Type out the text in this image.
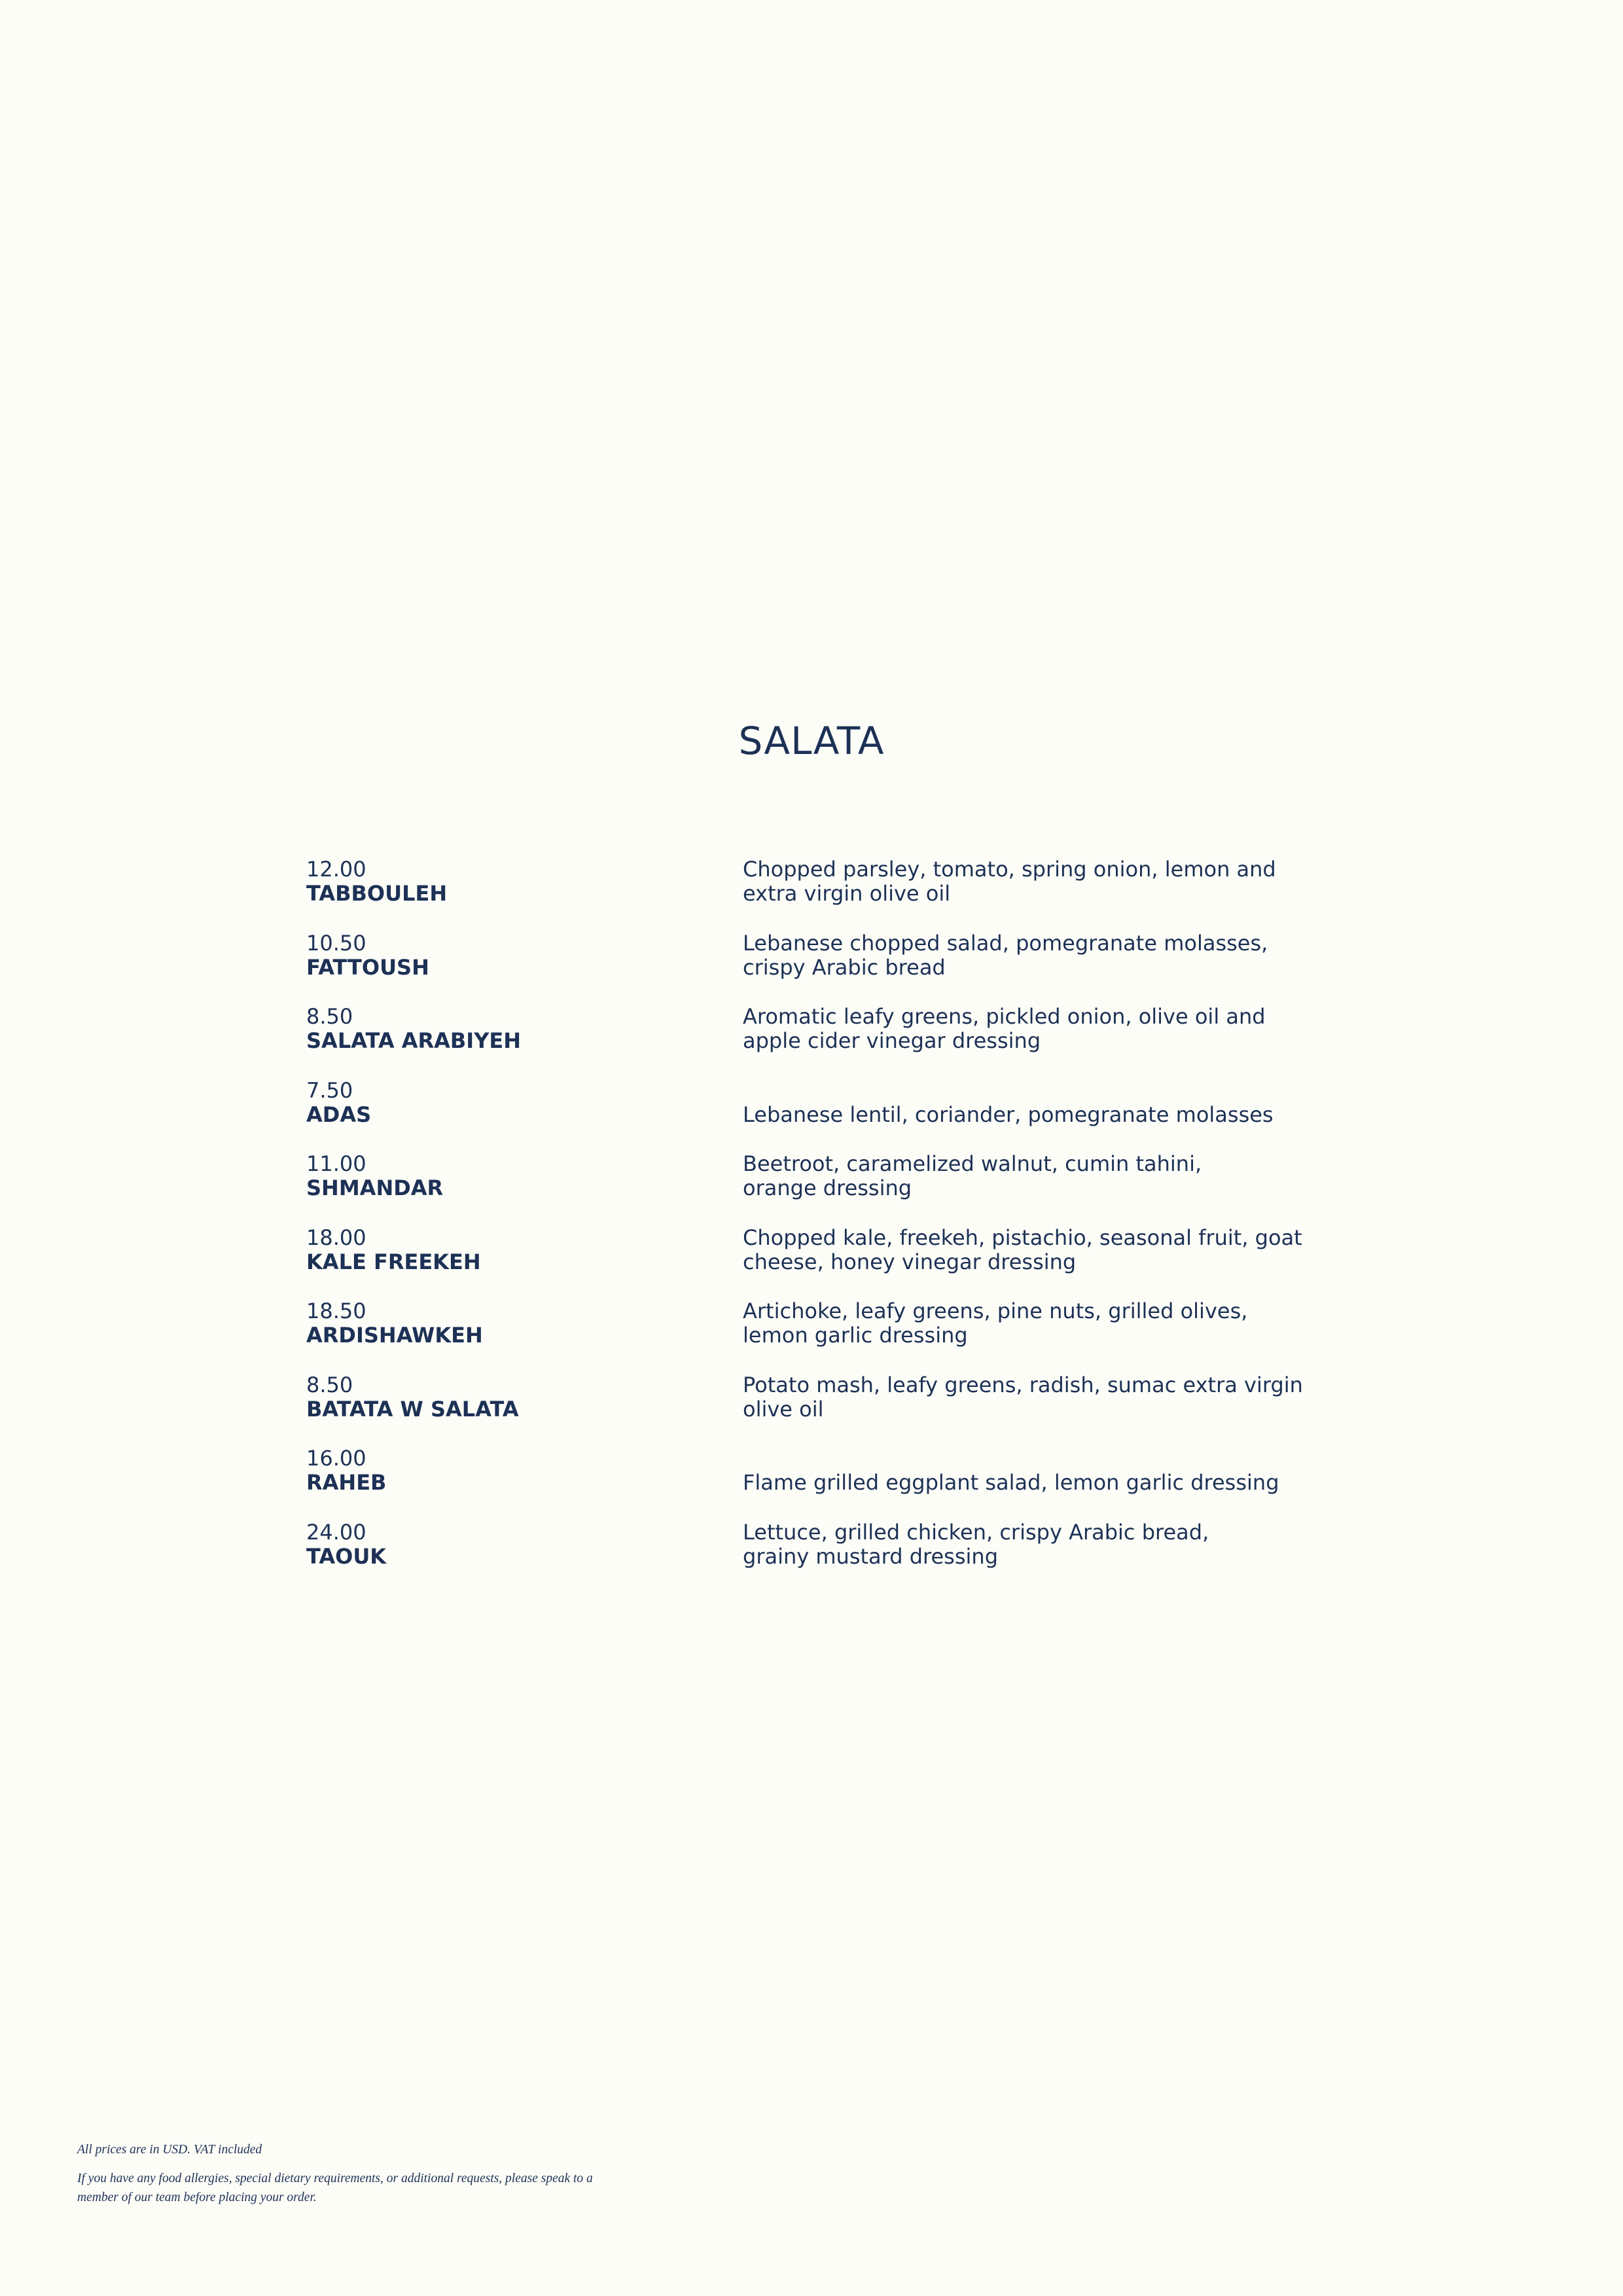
SALATA
12.00
TABBOULEH
Chopped parsley, tomato, spring onion, lemon and
extra virgin olive oil
10.50
FATTOUSH
Lebanese chopped salad, pomegranate molasses,
crispy Arabic bread
8.50
SALATA ARABIYEH
Aromatic leafy greens, pickled onion, olive oil and
apple cider vinegar dressing
7.50
ADAS	Lebanese lentil, coriander, pomegranate molasses
11.00
SHMANDAR
Beetroot, caramelized walnut, cumin tahini,
orange dressing
18.00
KALE FREEKEH
Chopped kale, freekeh, pistachio, seasonal fruit, goat
cheese, honey vinegar dressing
18.50
ARDISHAWKEH
Artichoke, leafy greens, pine nuts, grilled olives,
lemon garlic dressing
8.50
BATATA W SALATA
Potato mash, leafy greens, radish, sumac extra virgin
olive oil
16.00
RAHEB	Flame grilled eggplant salad, lemon garlic dressing
24.00
TAOUK
Lettuce, grilled chicken, crispy Arabic bread,
grainy mustard dressing
All prices are in USD. VAT included
If you have any food allergies, special dietary requirements, or additional requests, please speak to a
member of our team before placing your order.
